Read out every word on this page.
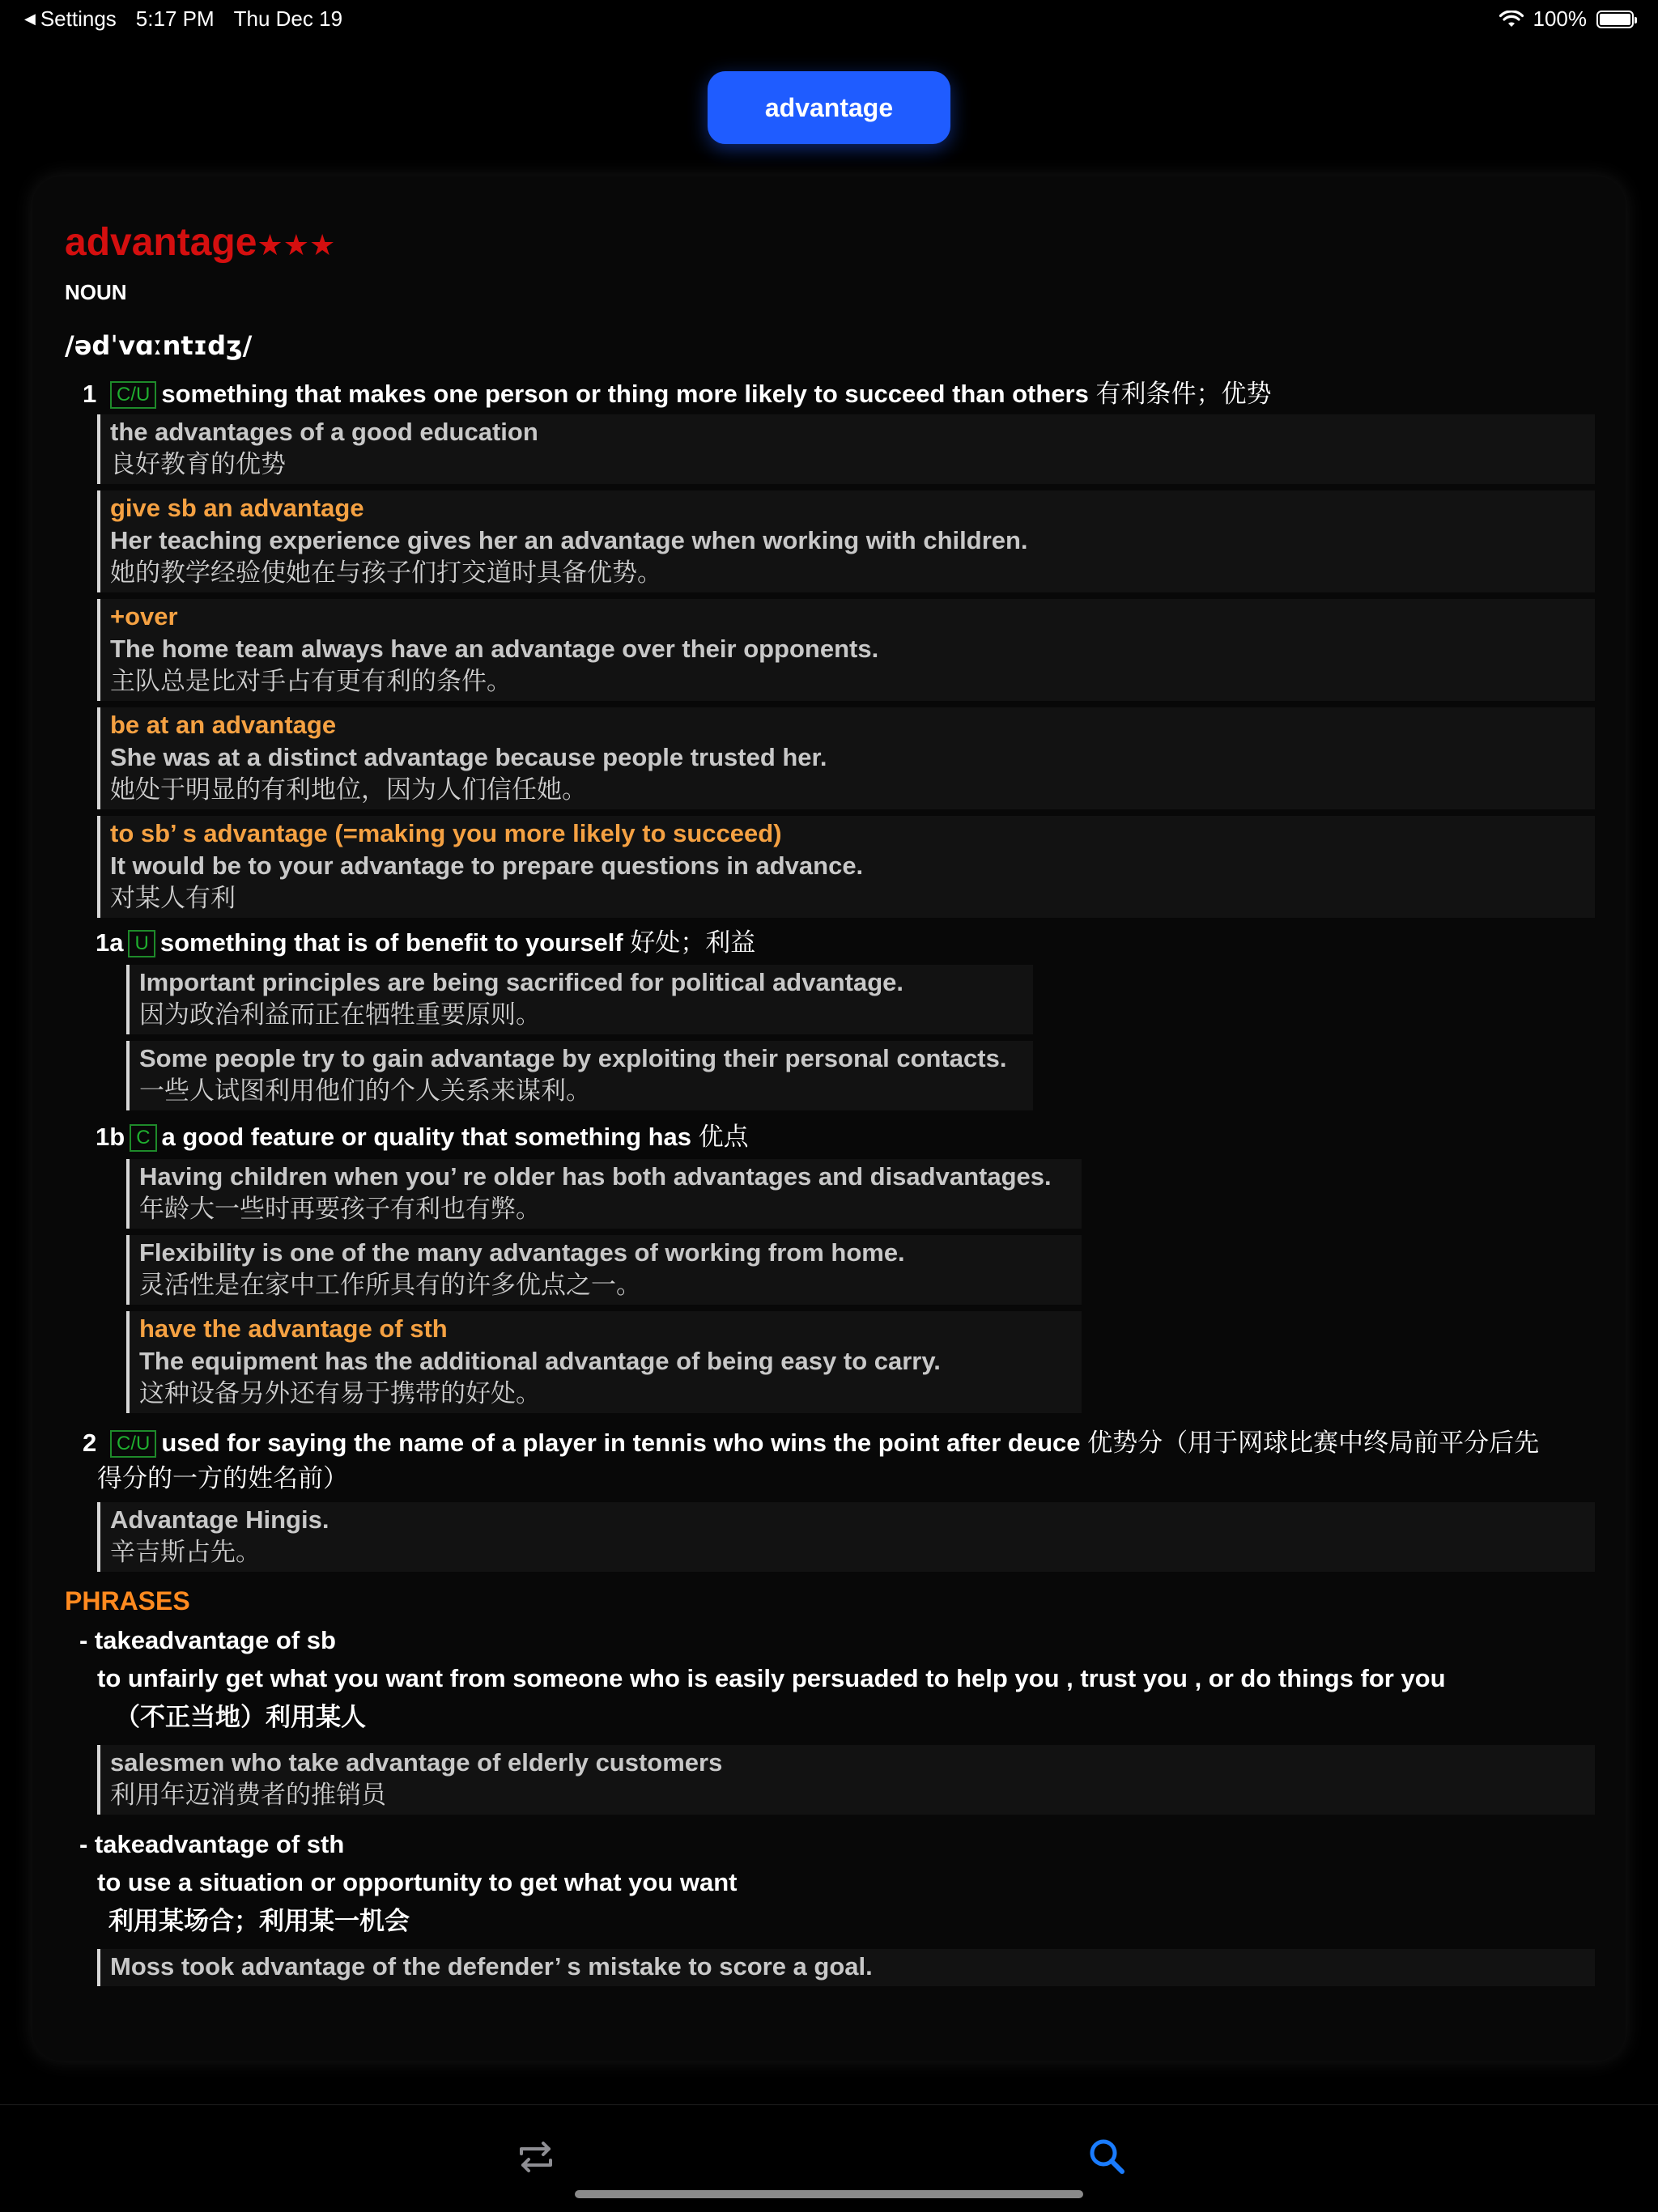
◀ Settings 5:17 PM Thu Dec 19	100%
advantage
advantage★★★
NOUN
/ədˈvɑːntɪdʒ/
1 C/U something that makes one person or thing more likely to succeed than others 有利条件；优势
the advantages of a good education
良好教育的优势
give sb an advantage
Her teaching experience gives her an advantage when working with children.
她的教学经验使她在与孩子们打交道时具备优势。
+over
The home team always have an advantage over their opponents.
主队总是比对手占有更有利的条件。
be at an advantage
She was at a distinct advantage because people trusted her.
她处于明显的有利地位，因为人们信任她。
to sb’ s advantage (=making you more likely to succeed)
It would be to your advantage to prepare questions in advance.
对某人有利
1a U something that is of benefit to yourself 好处；利益
Important principles are being sacrificed for political advantage.
因为政治利益而正在牺牲重要原则。
Some people try to gain advantage by exploiting their personal contacts.
一些人试图利用他们的个人关系来谋利。
1b C a good feature or quality that something has 优点
Having children when you’ re older has both advantages and disadvantages.
年龄大一些时再要孩子有利也有弊。
Flexibility is one of the many advantages of working from home.
灵活性是在家中工作所具有的许多优点之一。
have the advantage of sth
The equipment has the additional advantage of being easy to carry.
这种设备另外还有易于携带的好处。
2 C/U used for saying the name of a player in tennis who wins the point after deuce 优势分（用于网球比赛中终局前平分后先
得分的一方的姓名前）
Advantage Hingis.
辛吉斯占先。
PHRASES
- takeadvantage of sb
to unfairly get what you want from someone who is easily persuaded to help you , trust you , or do things for you
（不正当地）利用某人
salesmen who take advantage of elderly customers
利用年迈消费者的推销员
- takeadvantage of sth
to use a situation or opportunity to get what you want
利用某场合；利用某一机会
Moss took advantage of the defender’ s mistake to score a goal.
